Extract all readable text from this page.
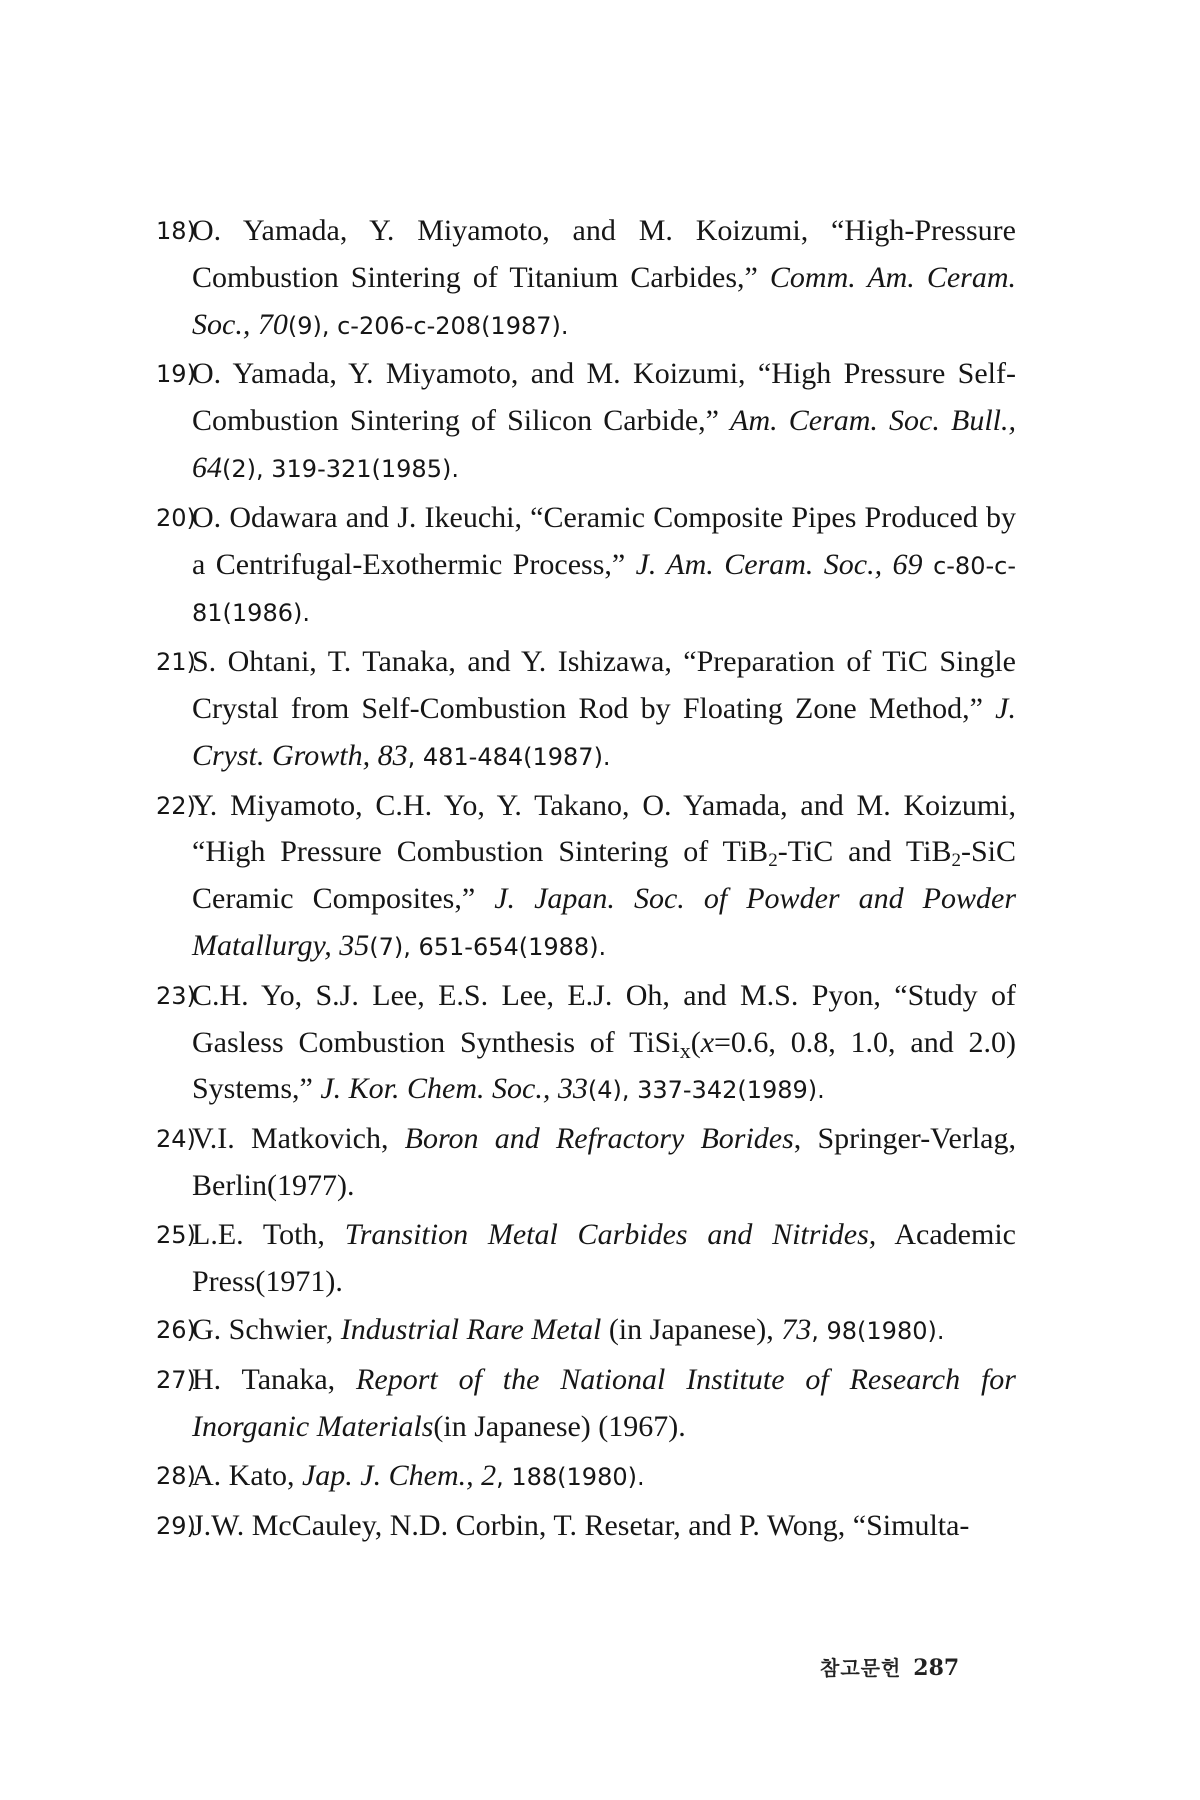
18)
O. Yamada, Y. Miyamoto, and M. Koizumi, “High-Pressure Combustion Sintering of Titanium Carbides,” Comm. Am. Ceram. Soc., 70(9), c-206-c-208(1987).
19)
O. Yamada, Y. Miyamoto, and M. Koizumi, “High Pressure Self-Combustion Sintering of Silicon Carbide,” Am. Ceram. Soc. Bull., 64(2), 319-321(1985).
20)
O. Odawara and J. Ikeuchi, “Ceramic Composite Pipes Produced by a Centrifugal-Exothermic Process,” J. Am. Ceram. Soc., 69 c-80-c-81(1986).
21)
S. Ohtani, T. Tanaka, and Y. Ishizawa, “Preparation of TiC Single Crystal from Self-Combustion Rod by Floating Zone Method,” J. Cryst. Growth, 83, 481-484(1987).
22)
Y. Miyamoto, C.H. Yo, Y. Takano, O. Yamada, and M. Koizumi, “High Pressure Combustion Sintering of TiB2-TiC and TiB2-SiC Ceramic Composites,” J. Japan. Soc. of Powder and Powder Matallurgy, 35(7), 651-654(1988).
23)
C.H. Yo, S.J. Lee, E.S. Lee, E.J. Oh, and M.S. Pyon, “Study of Gasless Combustion Synthesis of TiSi$_x$(x=0.6, 0.8, 1.0, and 2.0) Systems,” J. Kor. Chem. Soc., 33(4), 337-342(1989).
24)
V.I. Matkovich, Boron and Refractory Borides, Springer-Verlag, Berlin(1977).
25)
L.E. Toth, Transition Metal Carbides and Nitrides, Academic Press(1971).
26)
G. Schwier, Industrial Rare Metal (in Japanese), 73, 98(1980).
27)
H. Tanaka, Report of the National Institute of Research for Inorganic Materials(in Japanese) (1967).
28)
A. Kato, Jap. J. Chem., 2, 188(1980).
29)
J.W. McCauley, N.D. Corbin, T. Resetar, and P. Wong, “Simulta-
참고문헌 287
